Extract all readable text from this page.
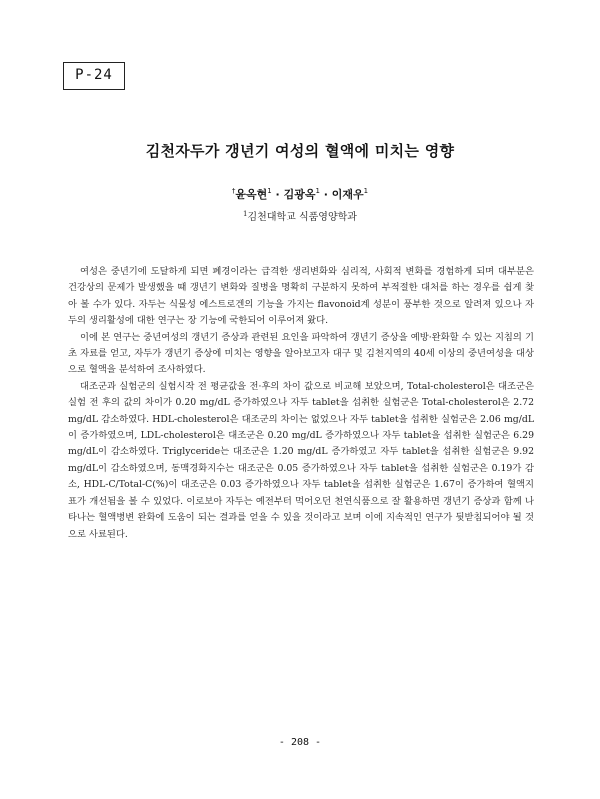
P-24
김천자두가 갱년기 여성의 혈액에 미치는 영향
†윤옥현$^1$ · 김광옥$^1$ · 이재우$^1$
$^1$김천대학교 식품영양학과

여성은 중년기에 도달하게 되면 폐경이라는 급격한 생리변화와 심리적, 사회적 변화를 경험하게 되며 대부분은 건강상의 문제가 발생했을 때 갱년기 변화와 질병을 명확히 구분하지 못하여 부적절한 대처를 하는 경우를 쉽게 찾아 볼 수가 있다. 자두는 식물성 에스트로겐의 기능을 가지는 flavonoid계 성분이 풍부한 것으로 알려져 있으나 자두의 생리활성에 대한 연구는 장 기능에 국한되어 이루어져 왔다.

이에 본 연구는 중년여성의 갱년기 증상과 관련된 요인을 파악하여 갱년기 증상을 예방·완화할 수 있는 지침의 기초 자료를 얻고, 자두가 갱년기 증상에 미치는 영향을 알아보고자 대구 및 김천지역의 40세 이상의 중년여성을 대상으로 혈액을 분석하여 조사하였다.

대조군과 실험군의 실험시작 전 평균값을 전·후의 차이 값으로 비교해 보았으며, Total-cholesterol은 대조군은 실험 전 후의 값의 차이가 0.20 mg/dL 증가하였으나 자두 tablet을 섭취한 실험군은 Total-cholesterol은 2.72 mg/dL 감소하였다. HDL-cholesterol은 대조군의 차이는 없었으나 자두 tablet을 섭취한 실험군은 2.06 mg/dL이 증가하였으며, LDL-cholesterol은 대조군은 0.20 mg/dL 증가하였으나 자두 tablet을 섭취한 실험군은 6.29 mg/dL이 감소하였다. Triglyceride는 대조군은 1.20 mg/dL 증가하였고 자두 tablet을 섭취한 실험군은 9.92 mg/dL이 감소하였으며, 동맥경화지수는 대조군은 0.05 증가하였으나 자두 tablet을 섭취한 실험군은 0.19가 감소, HDL-C/Total-C(%)이 대조군은 0.03 증가하였으나 자두 tablet을 섭취한 실험군은 1.67이 증가하여 혈액지표가 개선됨을 볼 수 있었다. 이로보아 자두는 예전부터 먹어오던 천연식품으로 잘 활용하면 갱년기 증상과 함께 나타나는 혈액병변 완화에 도움이 되는 결과를 얻을 수 있을 것이라고 보며 이에 지속적인 연구가 뒷받침되어야 될 것으로 사료된다.

- 208 -
